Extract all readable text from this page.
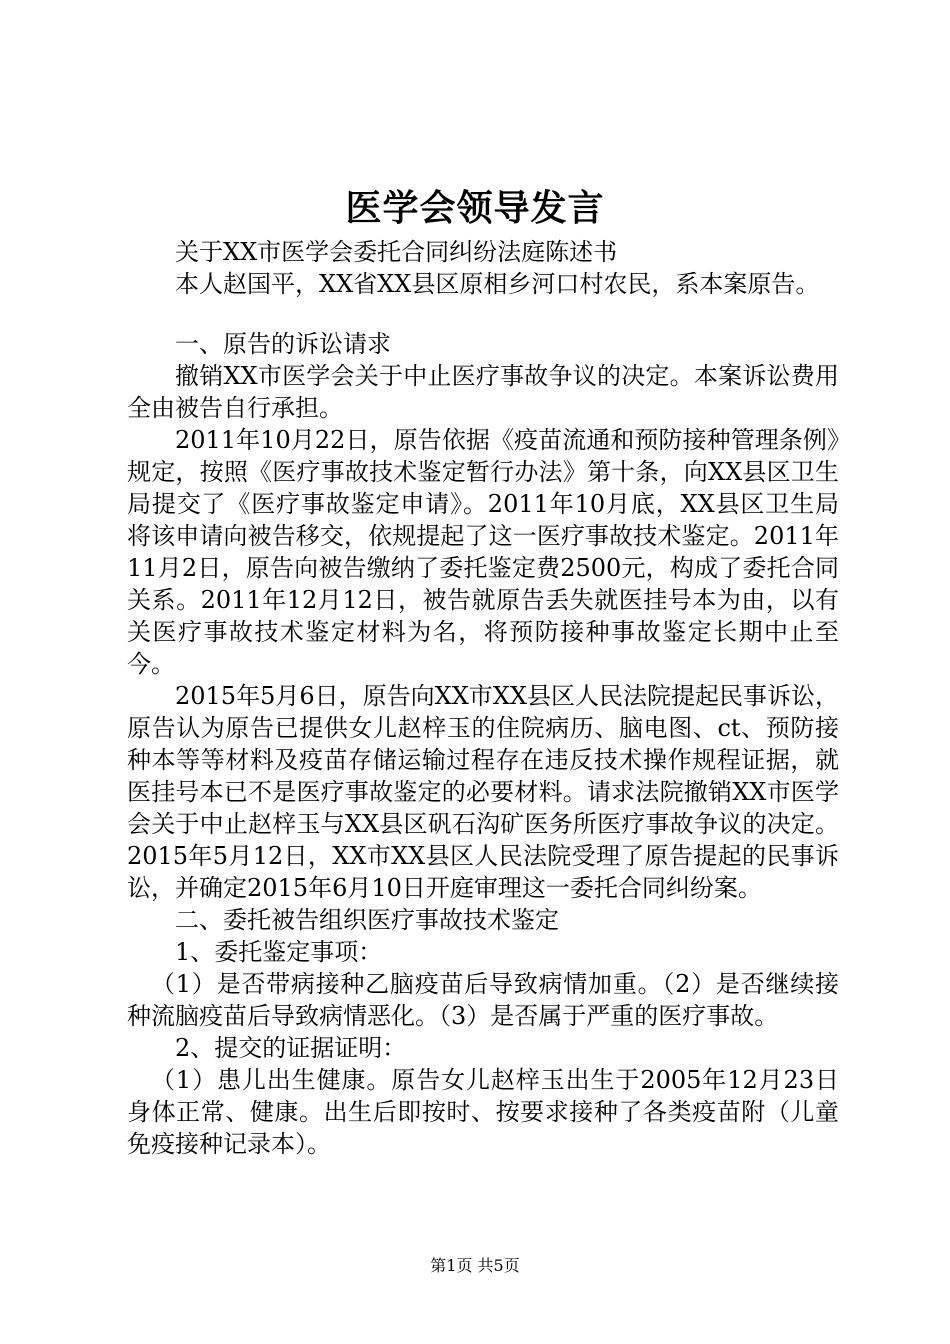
医学会领导发言

关于XX市医学会委托合同纠纷法庭陈述书

本人赵国平，XX省XX县区原相乡河口村农民，系本案原告。

一、原告的诉讼请求

撤销XX市医学会关于中止医疗事故争议的决定。本案诉讼费用全由被告自行承担。

2011年10月22日，原告依据《疫苗流通和预防接种管理条例》规定，按照《医疗事故技术鉴定暂行办法》第十条，向XX县区卫生局提交了《医疗事故鉴定申请》。2011年10月底，XX县区卫生局将该申请向被告移交，依规提起了这一医疗事故技术鉴定。2011年11月2日，原告向被告缴纳了委托鉴定费2500元，构成了委托合同关系。2011年12月12日，被告就原告丢失就医挂号本为由，以有关医疗事故技术鉴定材料为名，将预防接种事故鉴定长期中止至今。

2015年5月6日，原告向XX市XX县区人民法院提起民事诉讼，原告认为原告已提供女儿赵梓玉的住院病历、脑电图、ct、预防接种本等等材料及疫苗存储运输过程存在违反技术操作规程证据，就医挂号本已不是医疗事故鉴定的必要材料。请求法院撤销XX市医学会关于中止赵梓玉与XX县区矾石沟矿医务所医疗事故争议的决定。2015年5月12日，XX市XX县区人民法院受理了原告提起的民事诉讼，并确定2015年6月10日开庭审理这一委托合同纠纷案。

二、委托被告组织医疗事故技术鉴定

1、委托鉴定事项：

（1）是否带病接种乙脑疫苗后导致病情加重。（2）是否继续接种流脑疫苗后导致病情恶化。（3）是否属于严重的医疗事故。

2、提交的证据证明：

（1）患儿出生健康。原告女儿赵梓玉出生于2005年12月23日身体正常、健康。出生后即按时、按要求接种了各类疫苗附（儿童免疫接种记录本）。

第1页 共5页
